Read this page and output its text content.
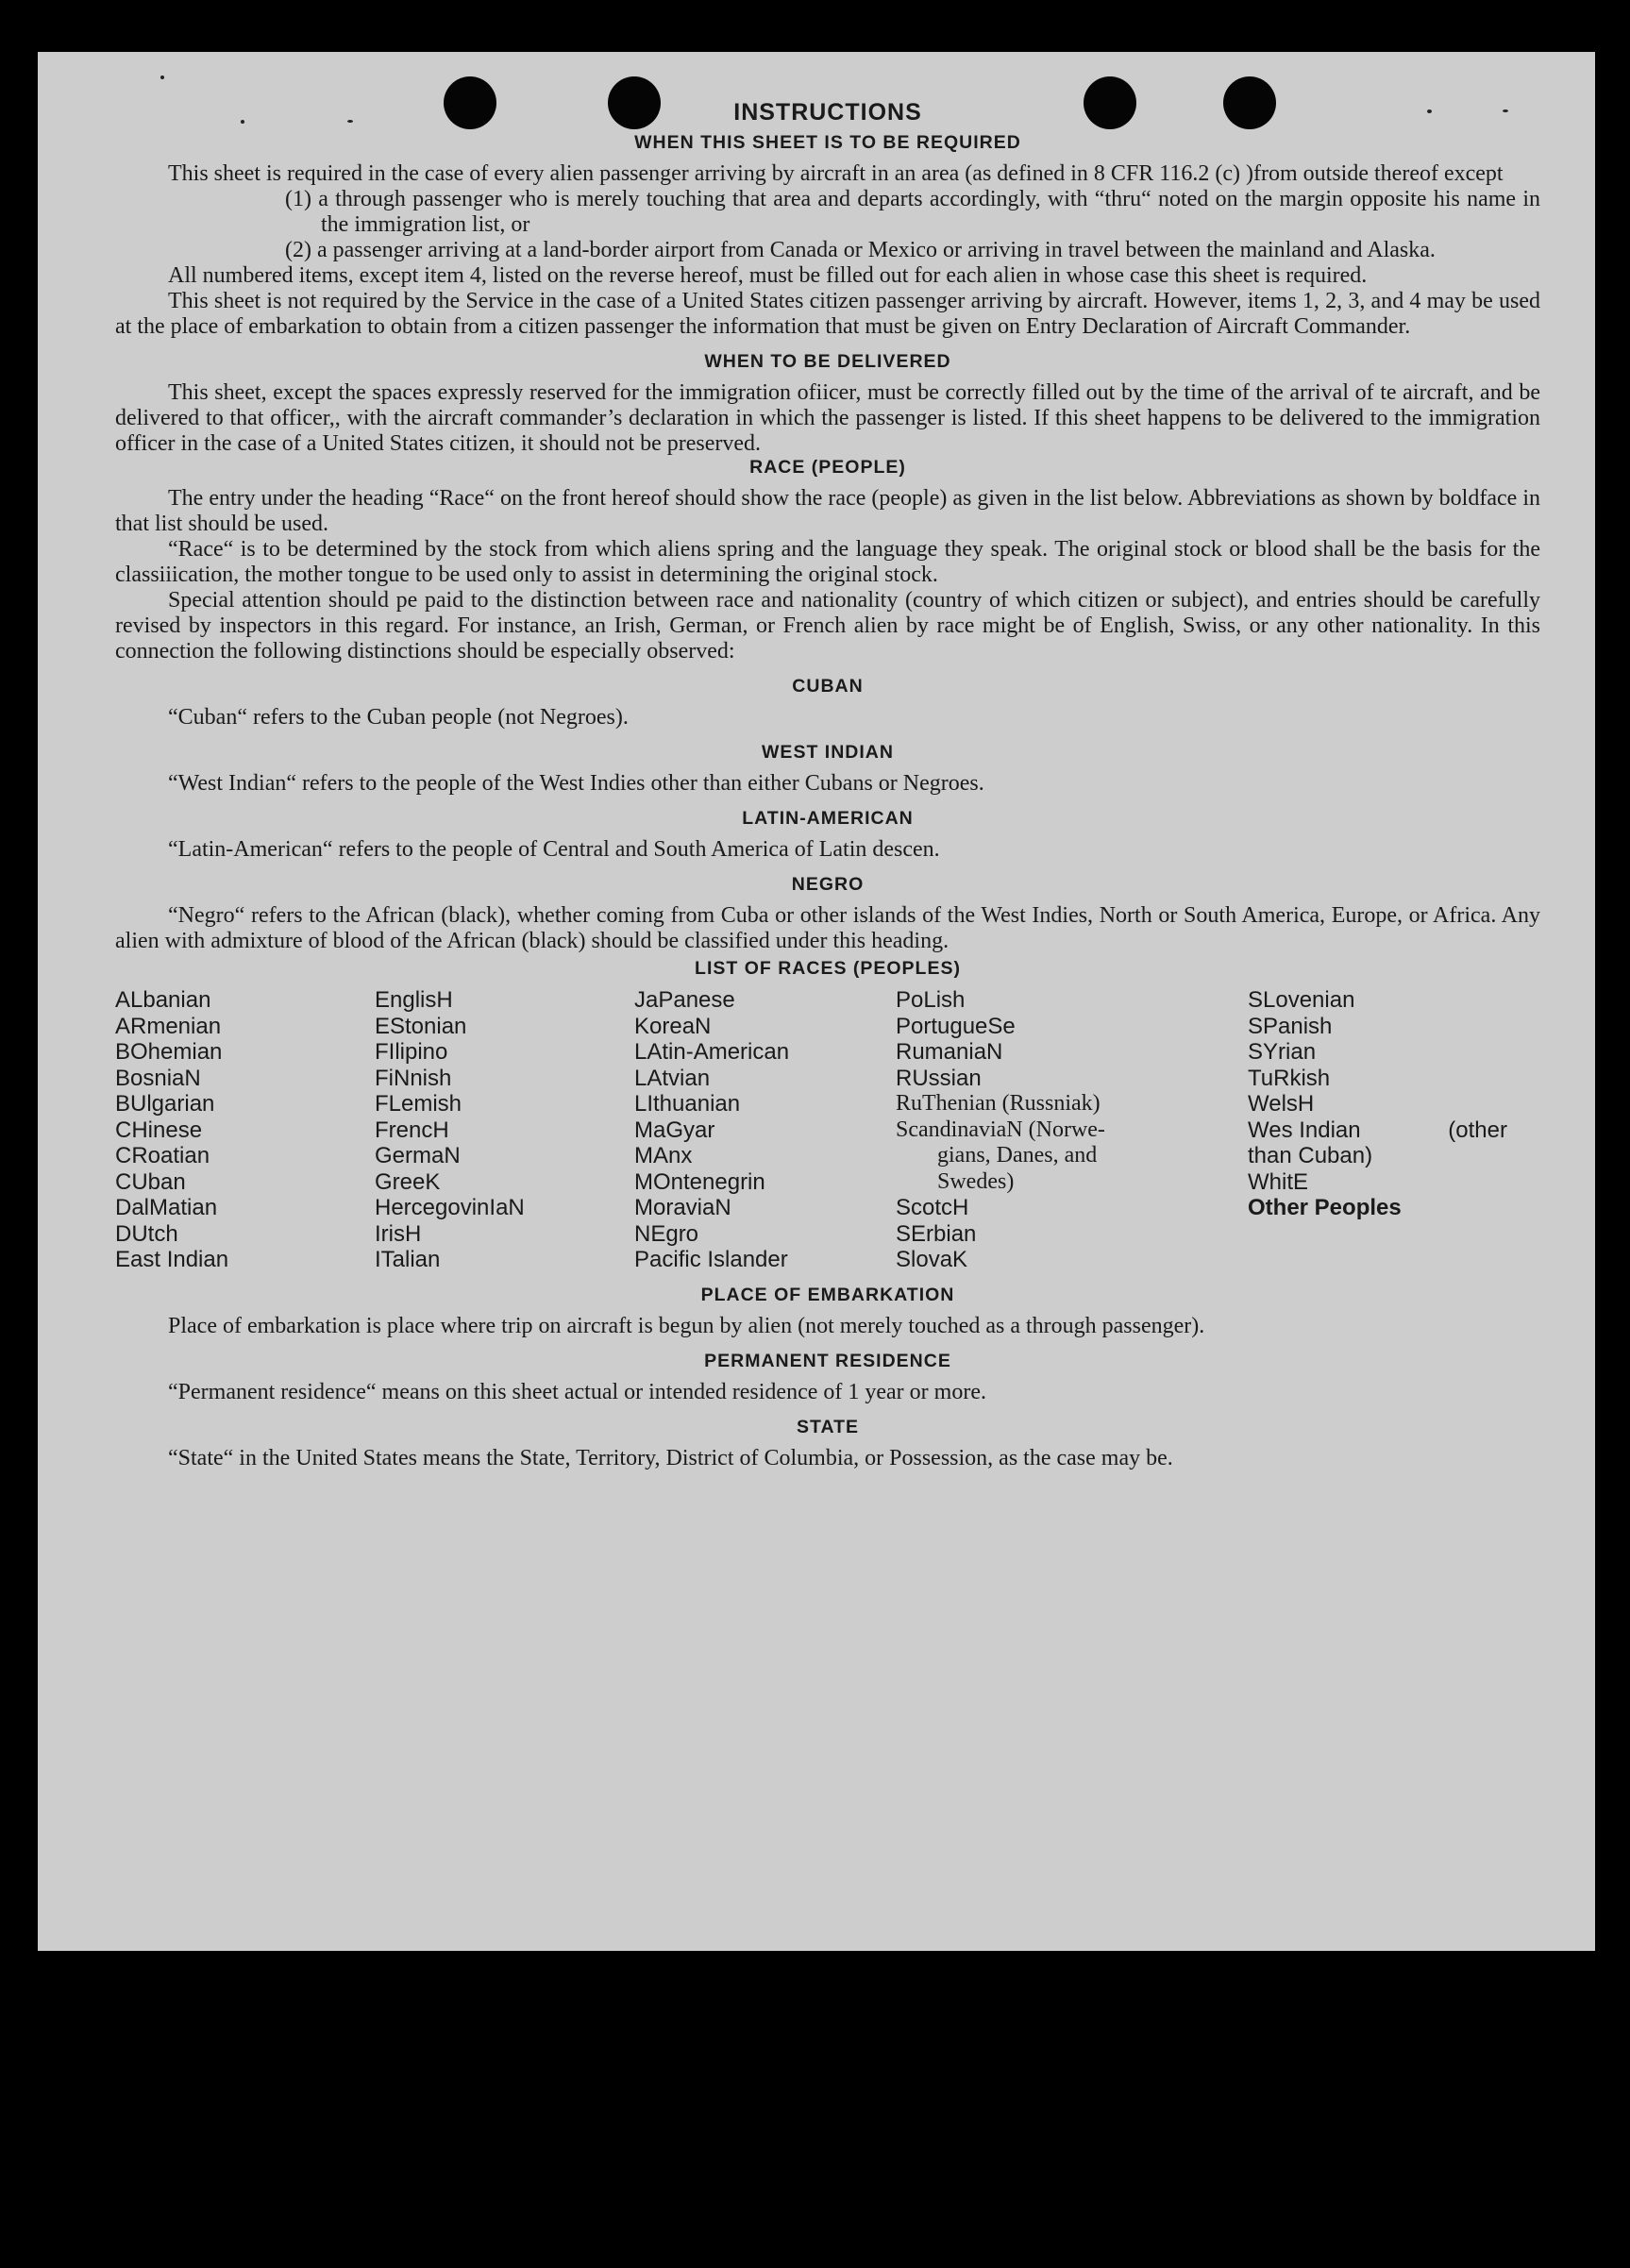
INSTRUCTIONS
WHEN THIS SHEET IS TO BE REQUIRED

This sheet is required in the case of every alien passenger arriving by aircraft in an area (as defined in 8 CFR 116.2 (c) )from outside thereof except

(1) a through passenger who is merely touching that area and departs accordingly, with “thru“ noted on the margin opposite his name in the immigration list, or

(2) a passenger arriving at a land-border airport from Canada or Mexico or arriving in travel between the mainland and Alaska.

All numbered items, except item 4, listed on the reverse hereof, must be filled out for each alien in whose case this sheet is required.

This sheet is not required by the Service in the case of a United States citizen passenger arriving by aircraft. However, items 1, 2, 3, and 4 may be used at the place of embarkation to obtain from a citizen passenger the information that must be given on Entry Declaration of Aircraft Commander.

WHEN TO BE DELIVERED

This sheet, except the spaces expressly reserved for the immigration ofiicer, must be correctly filled out by the time of the arrival of te aircraft, and be delivered to that officer,, with the aircraft commander’s declaration in which the passenger is listed. If this sheet happens to be delivered to the immigration officer in the case of a United States citizen, it should not be preserved.

RACE (PEOPLE)

The entry under the heading “Race“ on the front hereof should show the race (people) as given in the list below. Abbreviations as shown by boldface in that list should be used.

“Race“ is to be determined by the stock from which aliens spring and the language they speak. The original stock or blood shall be the basis for the classiiication, the mother tongue to be used only to assist in determining the original stock.

Special attention should pe paid to the distinction between race and nationality (country of which citizen or subject), and entries should be carefully revised by inspectors in this regard. For instance, an Irish, German, or French alien by race might be of English, Swiss, or any other nationality. In this connection the following distinctions should be especially observed:

CUBAN

“Cuban“ refers to the Cuban people (not Negroes).

WEST INDIAN

“West Indian“ refers to the people of the West Indies other than either Cubans or Negroes.

LATIN-AMERICAN

“Latin-American“ refers to the people of Central and South America of Latin descen.

NEGRO

“Negro“ refers to the African (black), whether coming from Cuba or other islands of the West Indies, North or South America, Europe, or Africa. Any alien with admixture of blood of the African (black) should be classified under this heading.

LIST OF RACES (PEOPLES)
ALbanian
ARmenian
BOhemian
BosniaN
BUlgarian
CHinese
CRoatian
CUban
DalMatian
DUtch
East Indian
EnglisH
EStonian
FIlipino
FiNnish
FLemish
FrencH
GermaN
GreeK
HercegovinIaN
IrisH
ITalian
JaPanese
KoreaN
LAtin-American
LAtvian
LIthuanian
MaGyar
MAnx
MOntenegrin
MoraviaN
NEgro
Pacific Islander
PoLish
PortugueSe
RumaniaN
RUssian
RuThenian (Russniak)
ScandinaviaN (Norwe-
gians, Danes, and Swedes)
ScotcH
SErbian
SlovaK
SLovenian
SPanish
SYrian
TuRkish
WelsH
Wes Indian	(other
than Cuban)
WhitE
Other Peoples
PLACE OF EMBARKATION

Place of embarkation is place where trip on aircraft is begun by alien (not merely touched as a through passenger).

PERMANENT RESIDENCE

“Permanent residence“ means on this sheet actual or intended residence of 1 year or more.

STATE

“State“ in the United States means the State, Territory, District of Columbia, or Possession, as the case may be.
